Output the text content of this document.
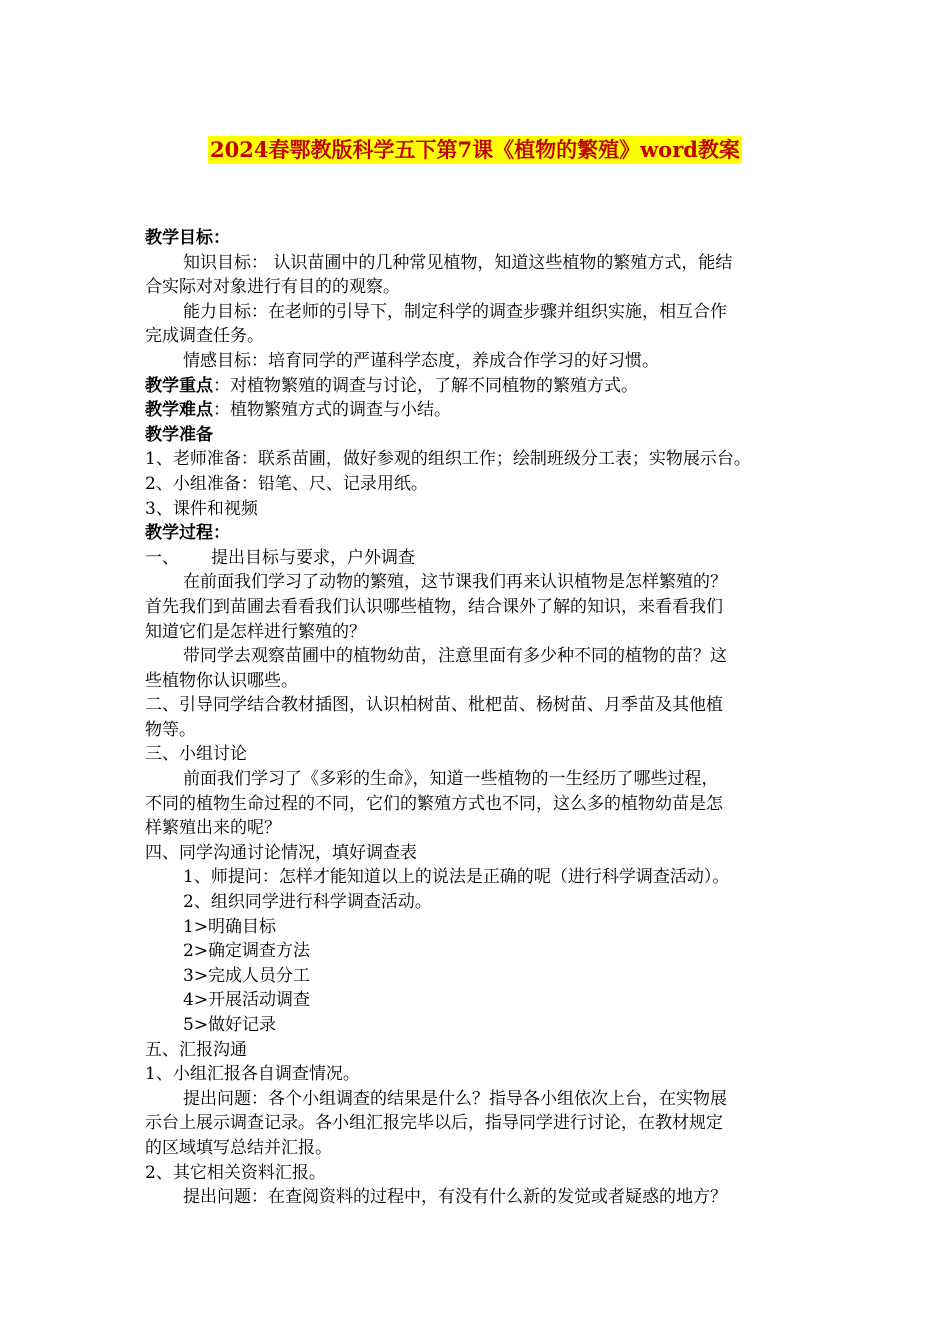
2024春鄂教版科学五下第7课《植物的繁殖》word教案

教学目标：

知识目标： 认识苗圃中的几种常见植物，知道这些植物的繁殖方式，能结

合实际对对象进行有目的的观察。

能力目标：在老师的引导下，制定科学的调查步骤并组织实施，相互合作

完成调查任务。

情感目标：培育同学的严谨科学态度，养成合作学习的好习惯。

教学重点：对植物繁殖的调查与讨论，了解不同植物的繁殖方式。

教学难点：植物繁殖方式的调查与小结。

教学准备

1、老师准备：联系苗圃，做好参观的组织工作；绘制班级分工表；实物展示台。

2、小组准备：铅笔、尺、记录用纸。

3、课件和视频

教学过程：

一、 提出目标与要求，户外调查

在前面我们学习了动物的繁殖，这节课我们再来认识植物是怎样繁殖的？

首先我们到苗圃去看看我们认识哪些植物，结合课外了解的知识，来看看我们

知道它们是怎样进行繁殖的？

带同学去观察苗圃中的植物幼苗，注意里面有多少种不同的植物的苗？这

些植物你认识哪些。

二、引导同学结合教材插图，认识柏树苗、枇杷苗、杨树苗、月季苗及其他植

物等。

三、小组讨论

前面我们学习了《多彩的生命》，知道一些植物的一生经历了哪些过程，

不同的植物生命过程的不同，它们的繁殖方式也不同，这么多的植物幼苗是怎

样繁殖出来的呢？

四、同学沟通讨论情况，填好调查表

1、师提问：怎样才能知道以上的说法是正确的呢（进行科学调查活动）。

2、组织同学进行科学调查活动。

1>明确目标

2>确定调查方法

3>完成人员分工

4>开展活动调查

5>做好记录

五、汇报沟通

1、小组汇报各自调查情况。

提出问题：各个小组调查的结果是什么？指导各小组依次上台，在实物展

示台上展示调查记录。各小组汇报完毕以后，指导同学进行讨论，在教材规定

的区域填写总结并汇报。

2、其它相关资料汇报。

提出问题：在查阅资料的过程中，有没有什么新的发觉或者疑惑的地方？
